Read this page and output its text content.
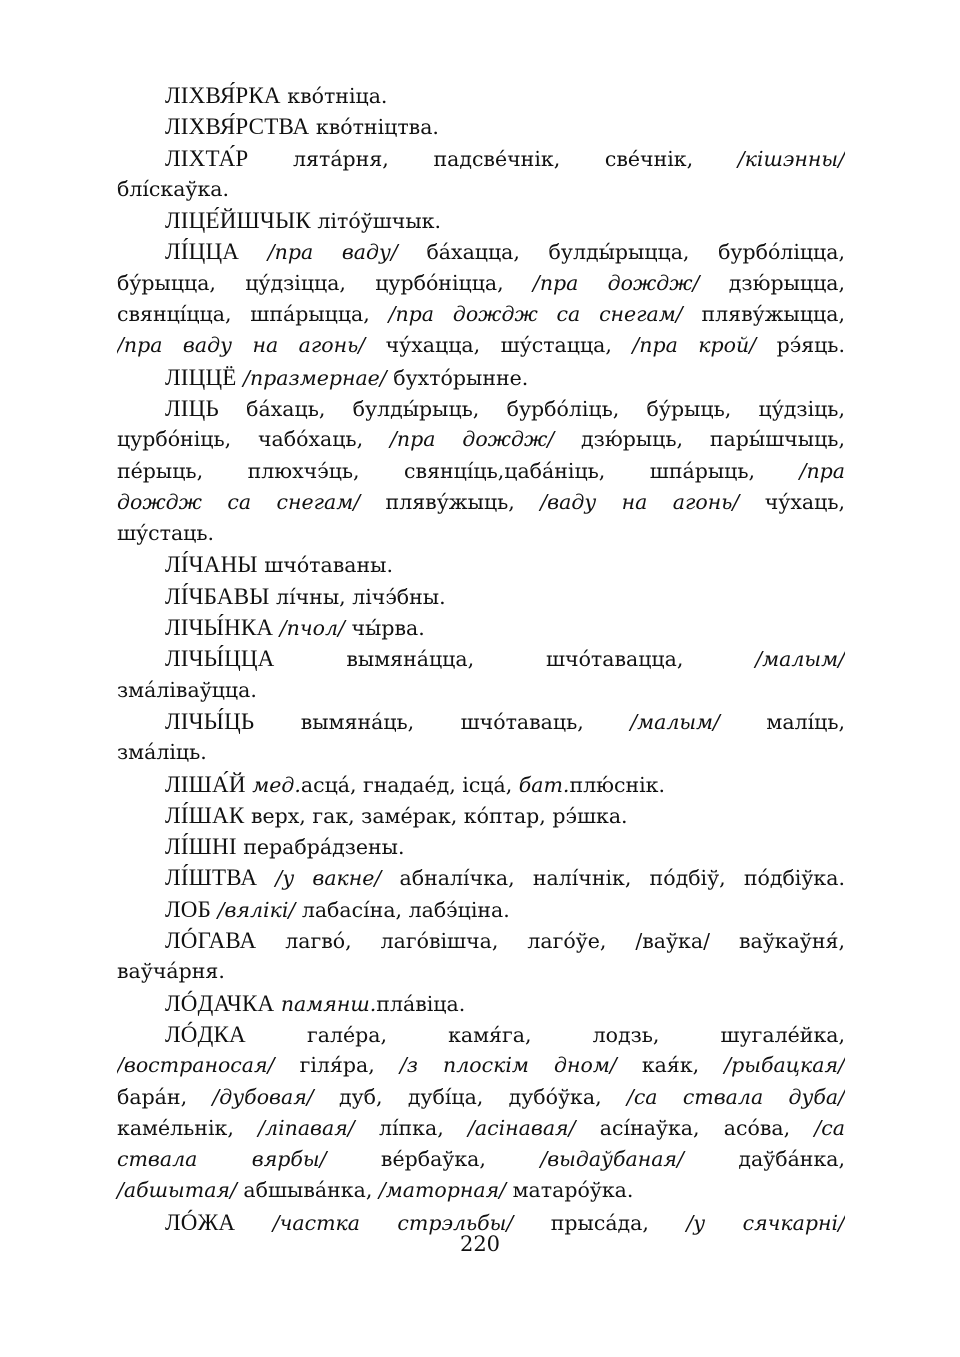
ЛІХВЯ́РКА квóтніца.
ЛІХВЯ́РСТВА квóтніцтва.
ЛІХТА́Р лята́рня, падсве́чнік, све́чнік, /кішэнны/
блі́скаўка.
ЛІЦЕ́ЙШЧЫК літóўшчык.
ЛІ́ЦЦА /пра ваду/ бáхацца, булды́рыцца, бурбóліцца,
бу́рыцца, цу́дзіцца, цурбóніцца, /пра дождж/ дзю́рыцца,
свянці́цца, шпáрыцца, /пра дождж са снегам/ пляву́жыцца,
/пра ваду на агонь/ чу́хацца, шу́стацца, /пра крой/ рэ́яць.
ЛІЦЦЁ /празмернае/ бухтóрынне.
ЛІЦЬ бáхаць, булды́рыць, бурбóліць, бу́рыць, цу́дзіць,
цурбóніць, чабóхаць, /пра дождж/ дзю́рыць, пары́шчыць,
пе́рыць, плюхчэ́ць, свянці́ць,цабáніць, шпáрыць, /пра
дождж са снегам/ пляву́жыць, /ваду на агонь/ чу́хаць,
шу́стаць.
ЛІ́ЧАНЫ шчóтаваны.
ЛІ́ЧБАВЫ лі́чны, лічэ́бны.
ЛІЧЫ́НКА /пчол/ чы́рва.
ЛІЧЫ́ЦЦА вымянáцца, шчóтавацца, /малым/
змáліваўцца.
ЛІЧЫ́ЦЬ вымянáць, шчóтаваць, /малым/ малі́ць,
змáліць.
ЛІША́Й мед.асцá, гнадаéд, ісцá, бат.плю́снік.
ЛІ́ШАК верх, гак, заме́рак, кóптар, рэ́шка.
ЛІ́ШНІ перабрáдзены.
ЛІ́ШТВА /у вакне/ абналі́чка, налі́чнік, пóдбіў, пóдбіўка.
ЛОБ /вялікі/ лабасі́на, лабэ́ціна.
ЛÓГАВА лагвó, лагóвішча, лагóўе, /ваўка/ ваўкаўня́,
ваўчáрня.
ЛÓДАЧКА памянш.плáвіца.
ЛÓДКА гале́ра, камя́га, лодзь, шугале́йка,
/востраносая/ гіля́ра, /з плоскім дном/ кая́к, /рыбацкая/
барáн, /дубовая/ дуб, дубі́ца, дубóўка, /са ствала дуба/
каме́льнік, /ліпавая/ лі́пка, /асінавая/ асі́наўка, асóва, /са
ствала вярбы/ ве́рбаўка, /выдаўбаная/ даўбáнка,
/абшытая/ абшывáнка, /маторная/ матарóўка.
ЛÓЖА /частка стрэльбы/ прысáда, /у сячкарні/
220
